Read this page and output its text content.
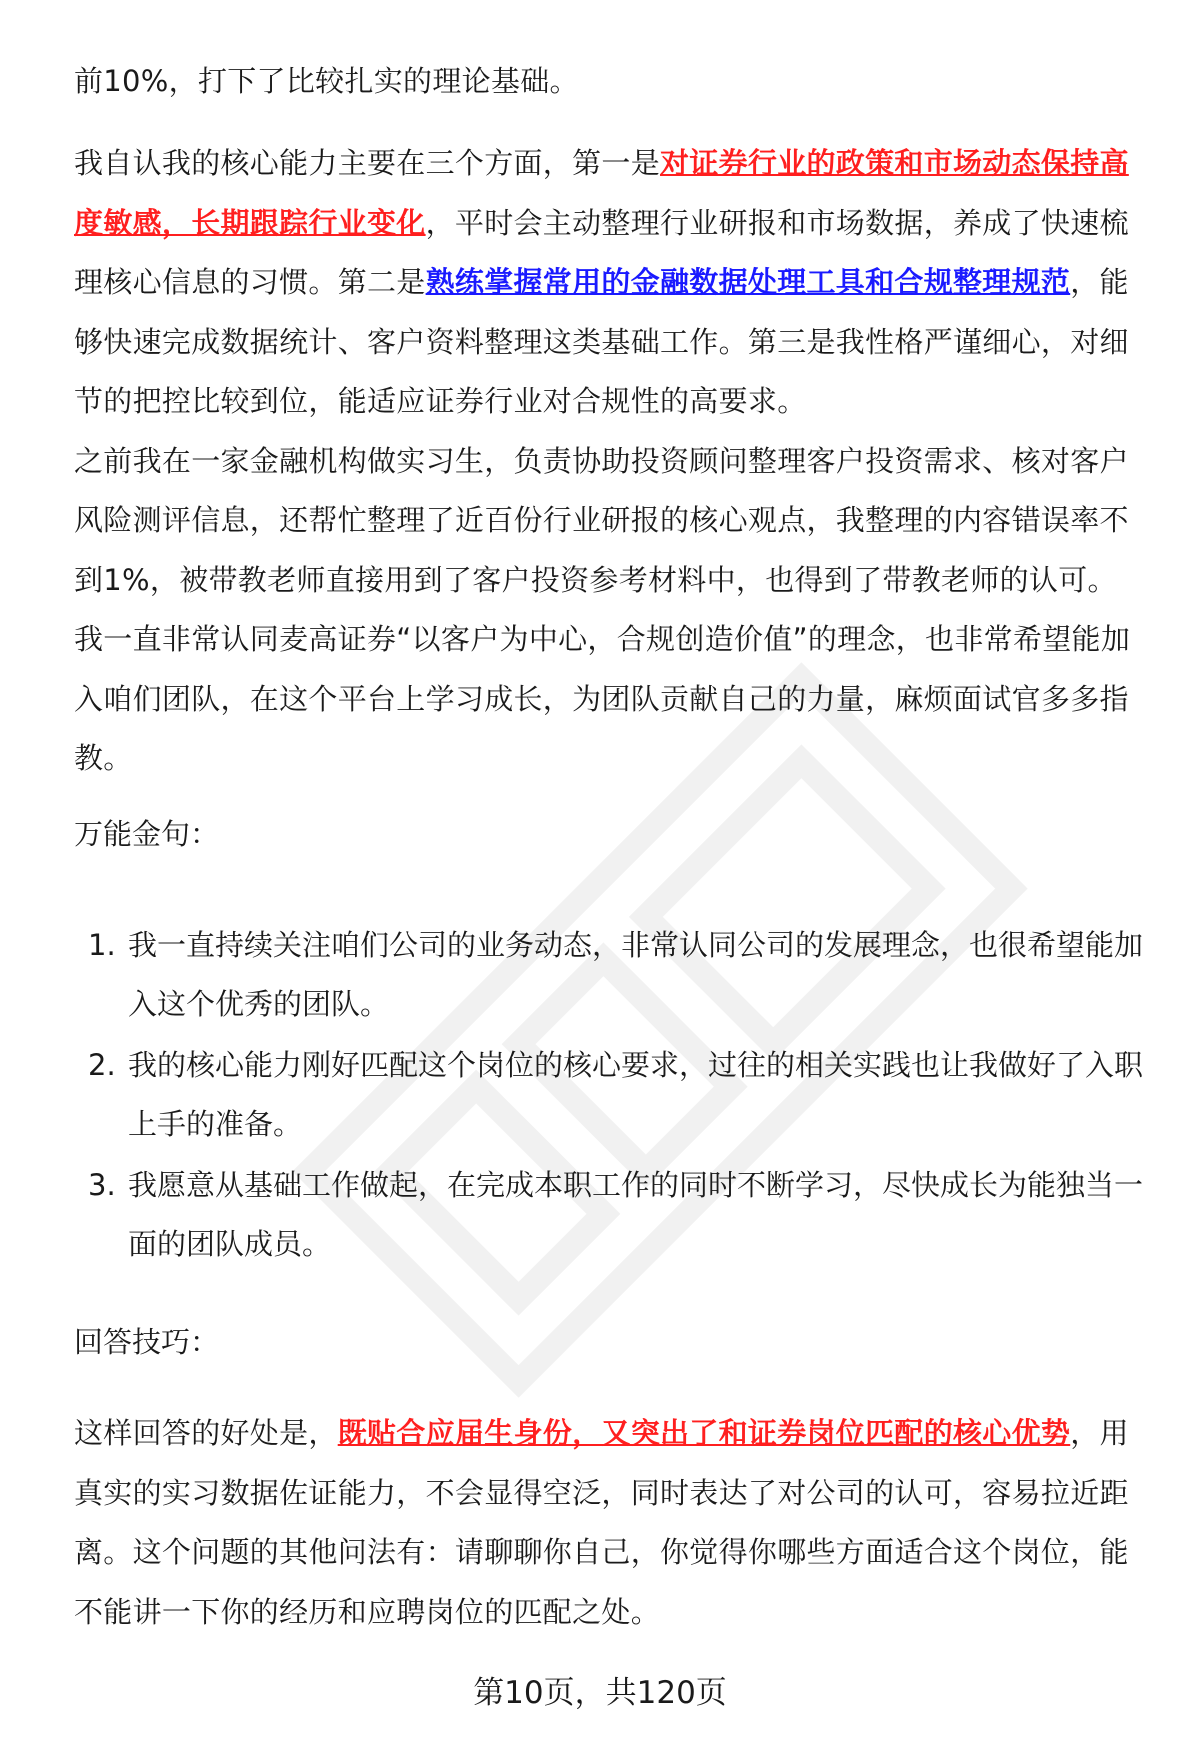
前10%，打下了比较扎实的理论基础。

我自认我的核心能力主要在三个方面，第一是对证券行业的政策和市场动态保持高度敏感，长期跟踪行业变化，平时会主动整理行业研报和市场数据，养成了快速梳理核心信息的习惯。第二是熟练掌握常用的金融数据处理工具和合规整理规范，能够快速完成数据统计、客户资料整理这类基础工作。第三是我性格严谨细心，对细节的把控比较到位，能适应证券行业对合规性的高要求。

之前我在一家金融机构做实习生，负责协助投资顾问整理客户投资需求、核对客户风险测评信息，还帮忙整理了近百份行业研报的核心观点，我整理的内容错误率不到1%，被带教老师直接用到了客户投资参考材料中，也得到了带教老师的认可。

我一直非常认同麦高证券“以客户为中心，合规创造价值”的理念，也非常希望能加入咱们团队，在这个平台上学习成长，为团队贡献自己的力量，麻烦面试官多多指教。

万能金句：
1. 我一直持续关注咱们公司的业务动态，非常认同公司的发展理念，也很希望能加入这个优秀的团队。
2. 我的核心能力刚好匹配这个岗位的核心要求，过往的相关实践也让我做好了入职上手的准备。
3. 我愿意从基础工作做起，在完成本职工作的同时不断学习，尽快成长为能独当一面的团队成员。
回答技巧：

这样回答的好处是，既贴合应届生身份，又突出了和证券岗位匹配的核心优势，用真实的实习数据佐证能力，不会显得空泛，同时表达了对公司的认可，容易拉近距离。这个问题的其他问法有：请聊聊你自己，你觉得你哪些方面适合这个岗位，能不能讲一下你的经历和应聘岗位的匹配之处。

第10页，共120页
